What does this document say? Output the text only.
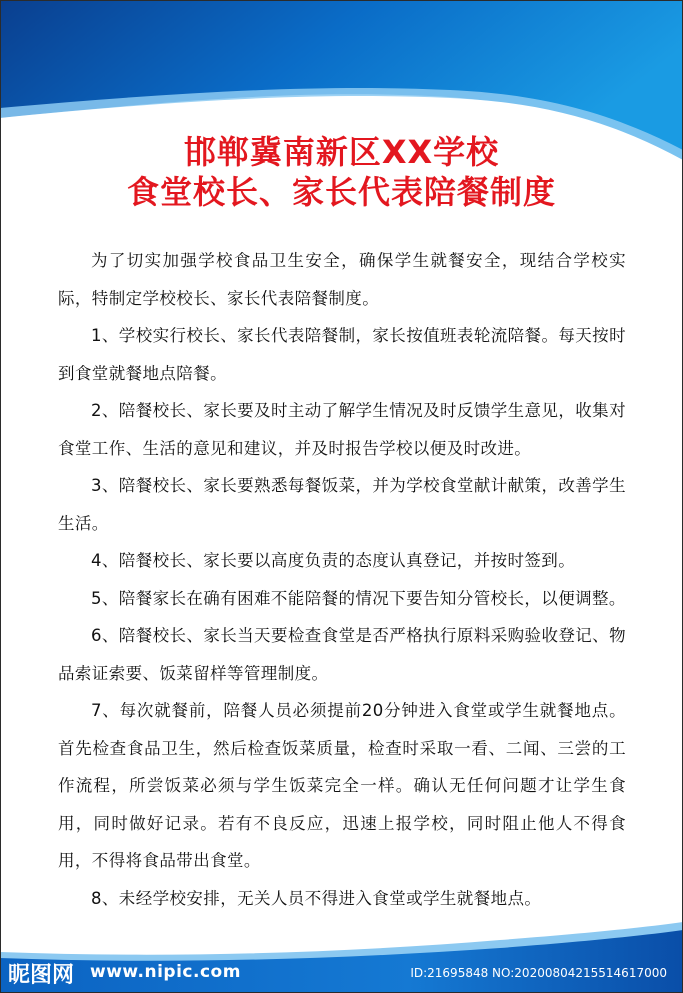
邯郸冀南新区XX学校
食堂校长、家长代表陪餐制度

为了切实加强学校食品卫生安全，确保学生就餐安全，现结合学校实际，特制定学校校长、家长代表陪餐制度。

1、学校实行校长、家长代表陪餐制，家长按值班表轮流陪餐。每天按时到食堂就餐地点陪餐。

2、陪餐校长、家长要及时主动了解学生情况及时反馈学生意见，收集对食堂工作、生活的意见和建议，并及时报告学校以便及时改进。

3、陪餐校长、家长要熟悉每餐饭菜，并为学校食堂献计献策，改善学生生活。

4、陪餐校长、家长要以高度负责的态度认真登记，并按时签到。

5、陪餐家长在确有困难不能陪餐的情况下要告知分管校长，以便调整。

6、陪餐校长、家长当天要检查食堂是否严格执行原料采购验收登记、物品索证索要、饭菜留样等管理制度。

7、每次就餐前，陪餐人员必须提前20分钟进入食堂或学生就餐地点。首先检查食品卫生，然后检查饭菜质量，检查时采取一看、二闻、三尝的工作流程，所尝饭菜必须与学生饭菜完全一样。确认无任何问题才让学生食用，同时做好记录。若有不良反应，迅速上报学校，同时阻止他人不得食用，不得将食品带出食堂。

8、未经学校安排，无关人员不得进入食堂或学生就餐地点。

昵图网 www.nipic.com	ID:21695848 NO:20200804215514617000
